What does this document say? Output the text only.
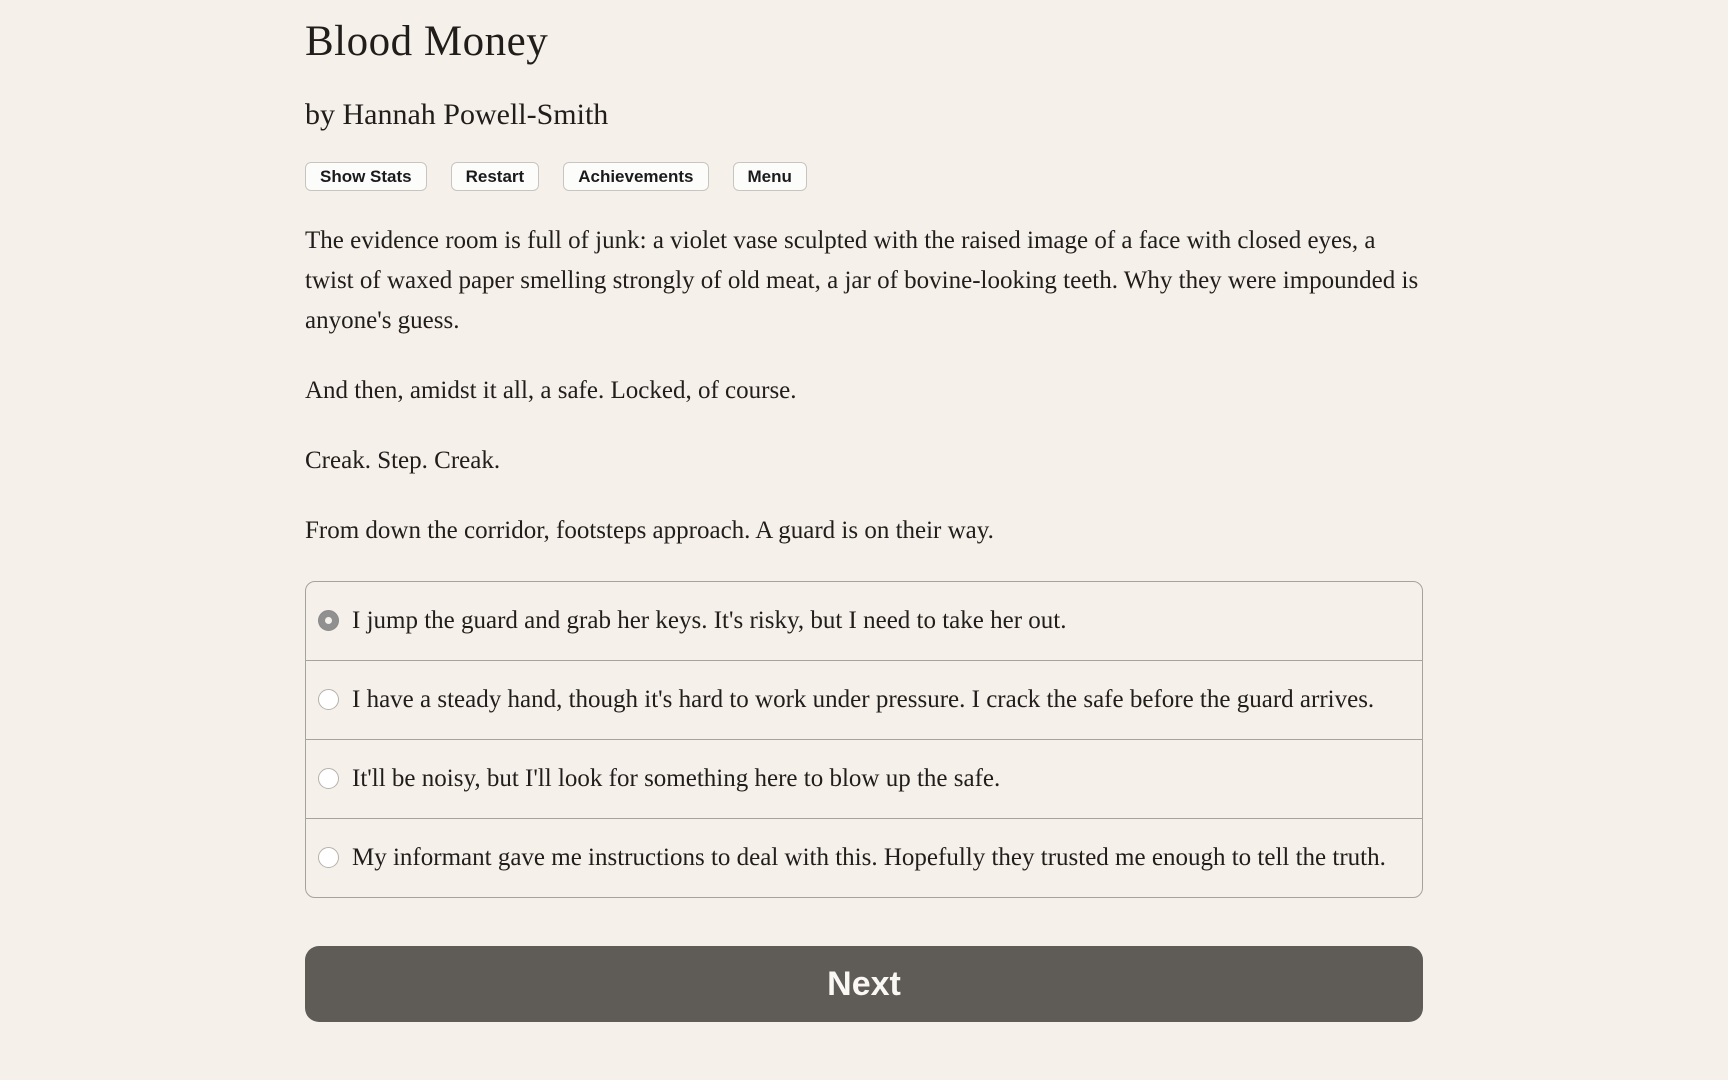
Blood Money
by Hannah Powell-Smith
Show Stats	Restart	Achievements	Menu

The evidence room is full of junk: a violet vase sculpted with the raised image of a face with closed eyes, a twist of waxed paper smelling strongly of old meat, a jar of bovine-looking teeth. Why they were impounded is anyone's guess.

And then, amidst it all, a safe. Locked, of course.

Creak. Step. Creak.

From down the corridor, footsteps approach. A guard is on their way.

I jump the guard and grab her keys. It's risky, but I need to take her out.
I have a steady hand, though it's hard to work under pressure. I crack the safe before the guard arrives.
It'll be noisy, but I'll look for something here to blow up the safe.
My informant gave me instructions to deal with this. Hopefully they trusted me enough to tell the truth.
Next
